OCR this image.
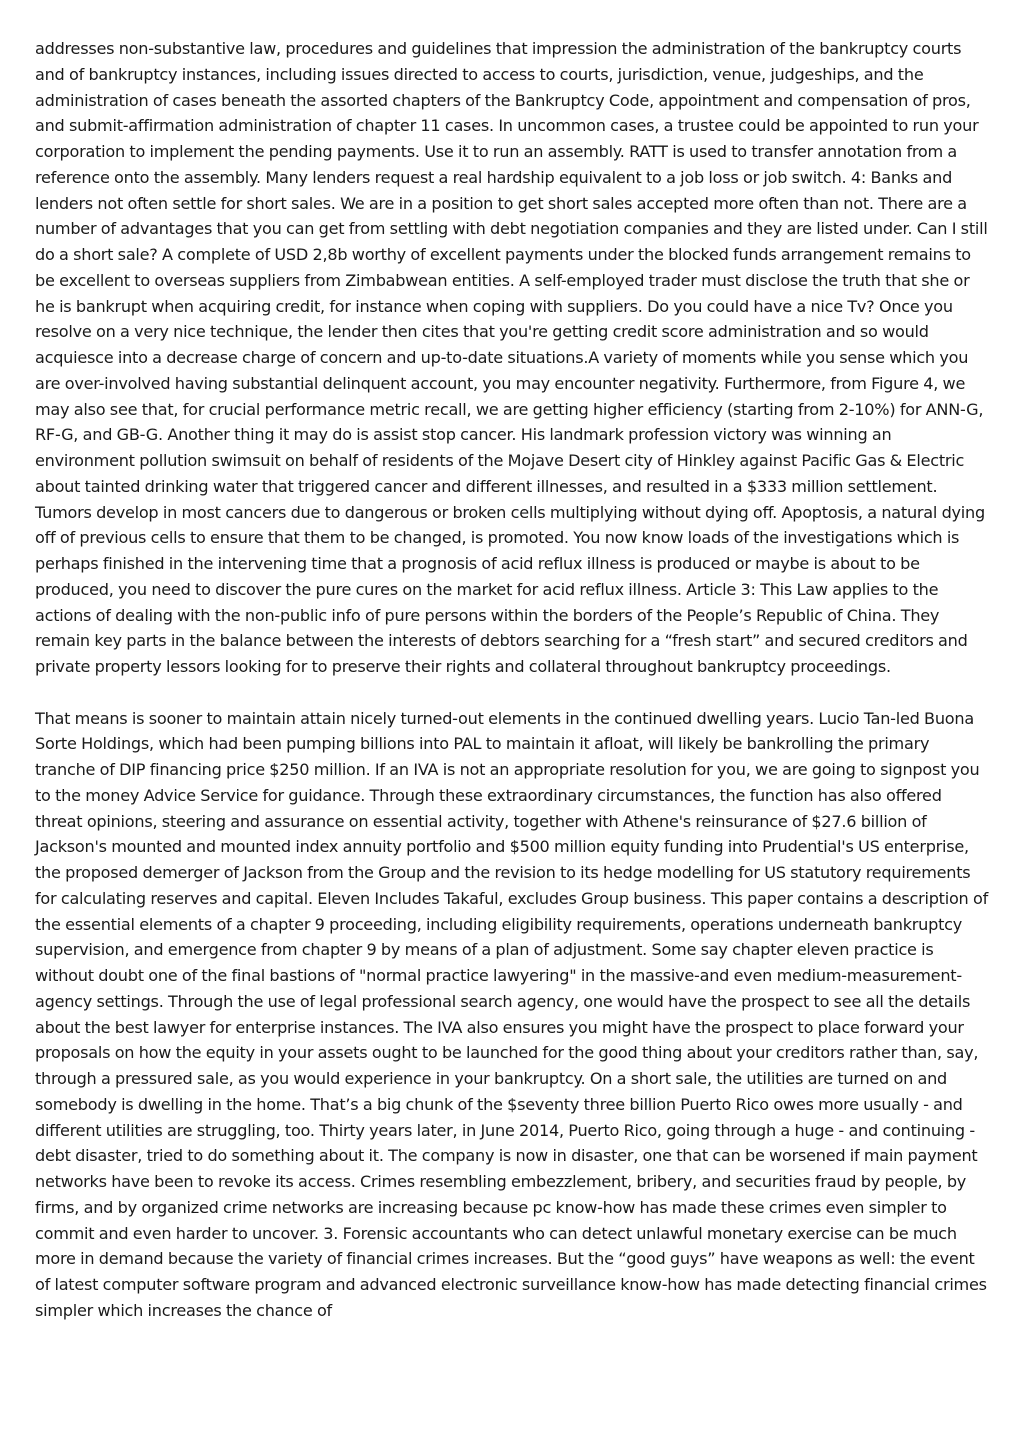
addresses non-substantive law, procedures and guidelines that impression the administration of the bankruptcy courts and of bankruptcy instances, including issues directed to access to courts, jurisdiction, venue, judgeships, and the administration of cases beneath the assorted chapters of the Bankruptcy Code, appointment and compensation of pros, and submit-affirmation administration of chapter 11 cases. In uncommon cases, a trustee could be appointed to run your corporation to implement the pending payments. Use it to run an assembly. RATT is used to transfer annotation from a reference onto the assembly. Many lenders request a real hardship equivalent to a job loss or job switch. 4: Banks and lenders not often settle for short sales. We are in a position to get short sales accepted more often than not. There are a number of advantages that you can get from settling with debt negotiation companies and they are listed under. Can I still do a short sale? A complete of USD 2,8b worthy of excellent payments under the blocked funds arrangement remains to be excellent to overseas suppliers from Zimbabwean entities. A self-employed trader must disclose the truth that she or he is bankrupt when acquiring credit, for instance when coping with suppliers. Do you could have a nice Tv? Once you resolve on a very nice technique, the lender then cites that you're getting credit score administration and so would acquiesce into a decrease charge of concern and up-to-date situations.A variety of moments while you sense which you are over-involved having substantial delinquent account, you may encounter negativity. Furthermore, from Figure 4, we may also see that, for crucial performance metric recall, we are getting higher efficiency (starting from 2-10%) for ANN-G, RF-G, and GB-G. Another thing it may do is assist stop cancer. His landmark profession victory was winning an environment pollution swimsuit on behalf of residents of the Mojave Desert city of Hinkley against Pacific Gas & Electric about tainted drinking water that triggered cancer and different illnesses, and resulted in a $333 million settlement. Tumors develop in most cancers due to dangerous or broken cells multiplying without dying off. Apoptosis, a natural dying off of previous cells to ensure that them to be changed, is promoted. You now know loads of the investigations which is perhaps finished in the intervening time that a prognosis of acid reflux illness is produced or maybe is about to be produced, you need to discover the pure cures on the market for acid reflux illness. Article 3: This Law applies to the actions of dealing with the non-public info of pure persons within the borders of the People’s Republic of China. They remain key parts in the balance between the interests of debtors searching for a “fresh start” and secured creditors and private property lessors looking for to preserve their rights and collateral throughout bankruptcy proceedings.

That means is sooner to maintain attain nicely turned-out elements in the continued dwelling years. Lucio Tan-led Buona Sorte Holdings, which had been pumping billions into PAL to maintain it afloat, will likely be bankrolling the primary tranche of DIP financing price $250 million. If an IVA is not an appropriate resolution for you, we are going to signpost you to the money Advice Service for guidance. Through these extraordinary circumstances, the function has also offered threat opinions, steering and assurance on essential activity, together with Athene's reinsurance of $27.6 billion of Jackson's mounted and mounted index annuity portfolio and $500 million equity funding into Prudential's US enterprise, the proposed demerger of Jackson from the Group and the revision to its hedge modelling for US statutory requirements for calculating reserves and capital. Eleven Includes Takaful, excludes Group business. This paper contains a description of the essential elements of a chapter 9 proceeding, including eligibility requirements, operations underneath bankruptcy supervision, and emergence from chapter 9 by means of a plan of adjustment. Some say chapter eleven practice is without doubt one of the final bastions of "normal practice lawyering" in the massive-and even medium-measurement-agency settings. Through the use of legal professional search agency, one would have the prospect to see all the details about the best lawyer for enterprise instances. The IVA also ensures you might have the prospect to place forward your proposals on how the equity in your assets ought to be launched for the good thing about your creditors rather than, say, through a pressured sale, as you would experience in your bankruptcy. On a short sale, the utilities are turned on and somebody is dwelling in the home. That’s a big chunk of the $seventy three billion Puerto Rico owes more usually - and different utilities are struggling, too. Thirty years later, in June 2014, Puerto Rico, going through a huge - and continuing - debt disaster, tried to do something about it. The company is now in disaster, one that can be worsened if main payment networks have been to revoke its access. Crimes resembling embezzlement, bribery, and securities fraud by people, by firms, and by organized crime networks are increasing because pc know-how has made these crimes even simpler to commit and even harder to uncover. 3. Forensic accountants who can detect unlawful monetary exercise can be much more in demand because the variety of financial crimes increases. But the “good guys” have weapons as well: the event of latest computer software program and advanced electronic surveillance know-how has made detecting financial crimes simpler which increases the chance of
